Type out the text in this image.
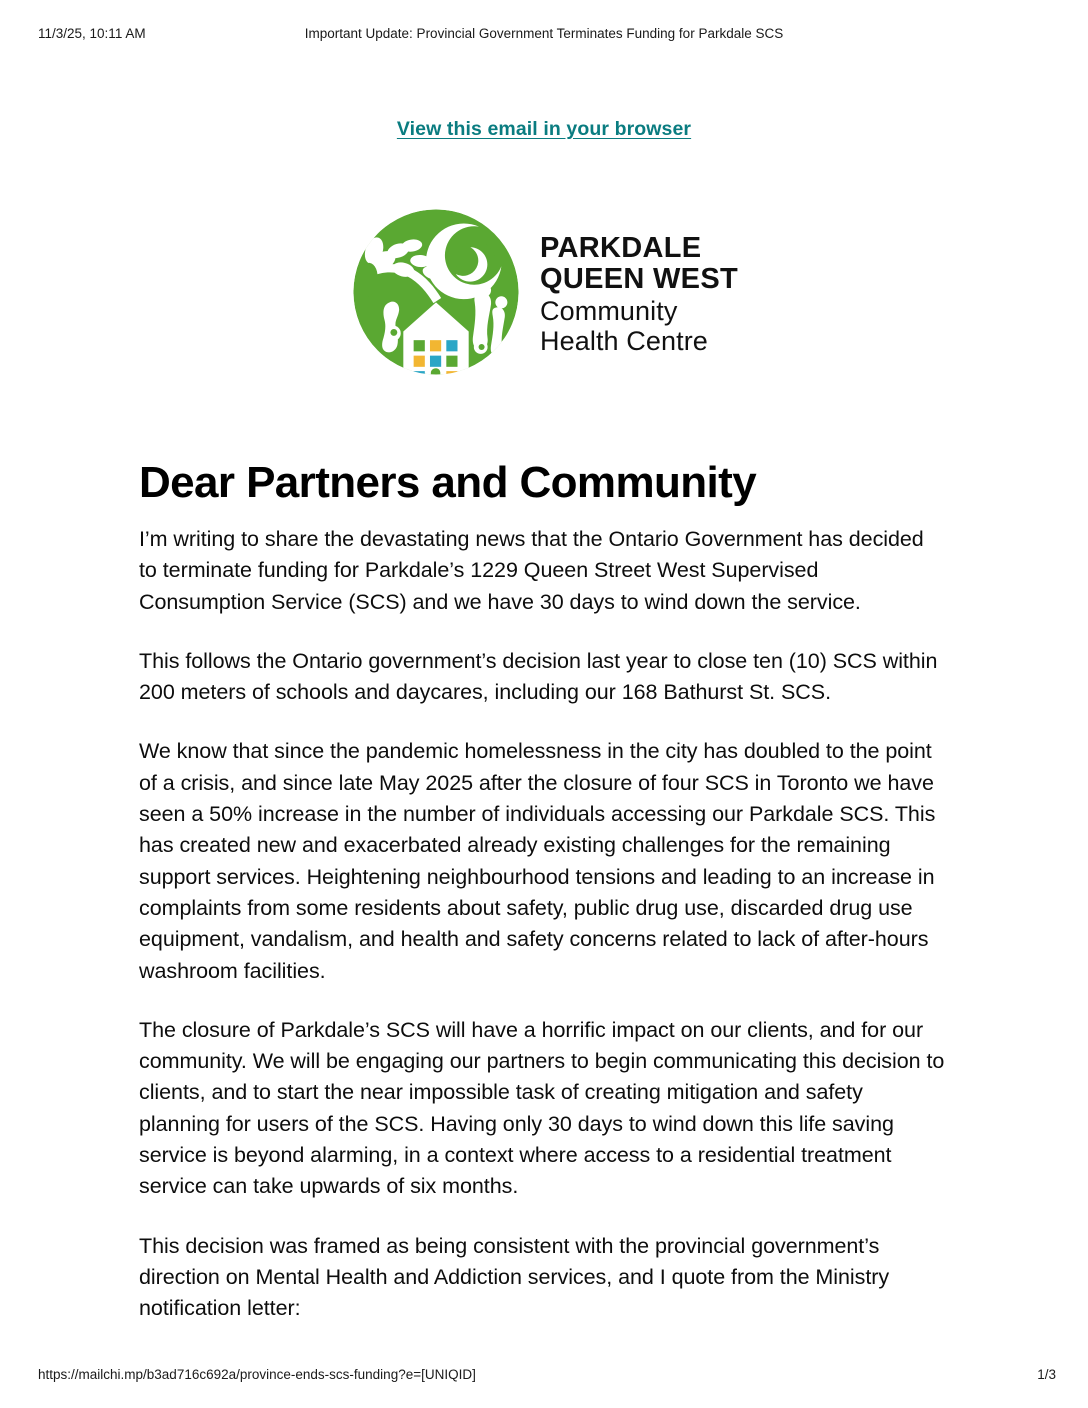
11/3/25, 10:11 AM	Important Update: Provincial Government Terminates Funding for Parkdale SCS
View this email in your browser
PARKDALE
QUEEN WEST
Community
Health Centre
Dear Partners and Community

I’m writing to share the devastating news that the Ontario Government has decided to terminate funding for Parkdale’s 1229 Queen Street West Supervised Consumption Service (SCS) and we have 30 days to wind down the service.

This follows the Ontario government’s decision last year to close ten (10) SCS within 200 meters of schools and daycares, including our 168 Bathurst St. SCS.

We know that since the pandemic homelessness in the city has doubled to the point of a crisis, and since late May 2025 after the closure of four SCS in Toronto we have seen a 50% increase in the number of individuals accessing our Parkdale SCS. This has created new and exacerbated already existing challenges for the remaining support services. Heightening neighbourhood tensions and leading to an increase in complaints from some residents about safety, public drug use, discarded drug use equipment, vandalism, and health and safety concerns related to lack of after-hours washroom facilities.

The closure of Parkdale’s SCS will have a horrific impact on our clients, and for our community. We will be engaging our partners to begin communicating this decision to clients, and to start the near impossible task of creating mitigation and safety planning for users of the SCS. Having only 30 days to wind down this life saving service is beyond alarming, in a context where access to a residential treatment service can take upwards of six months.

This decision was framed as being consistent with the provincial government’s direction on Mental Health and Addiction services, and I quote from the Ministry notification letter:

https://mailchi.mp/b3ad716c692a/province-ends-scs-funding?e=[UNIQID]	1/3
